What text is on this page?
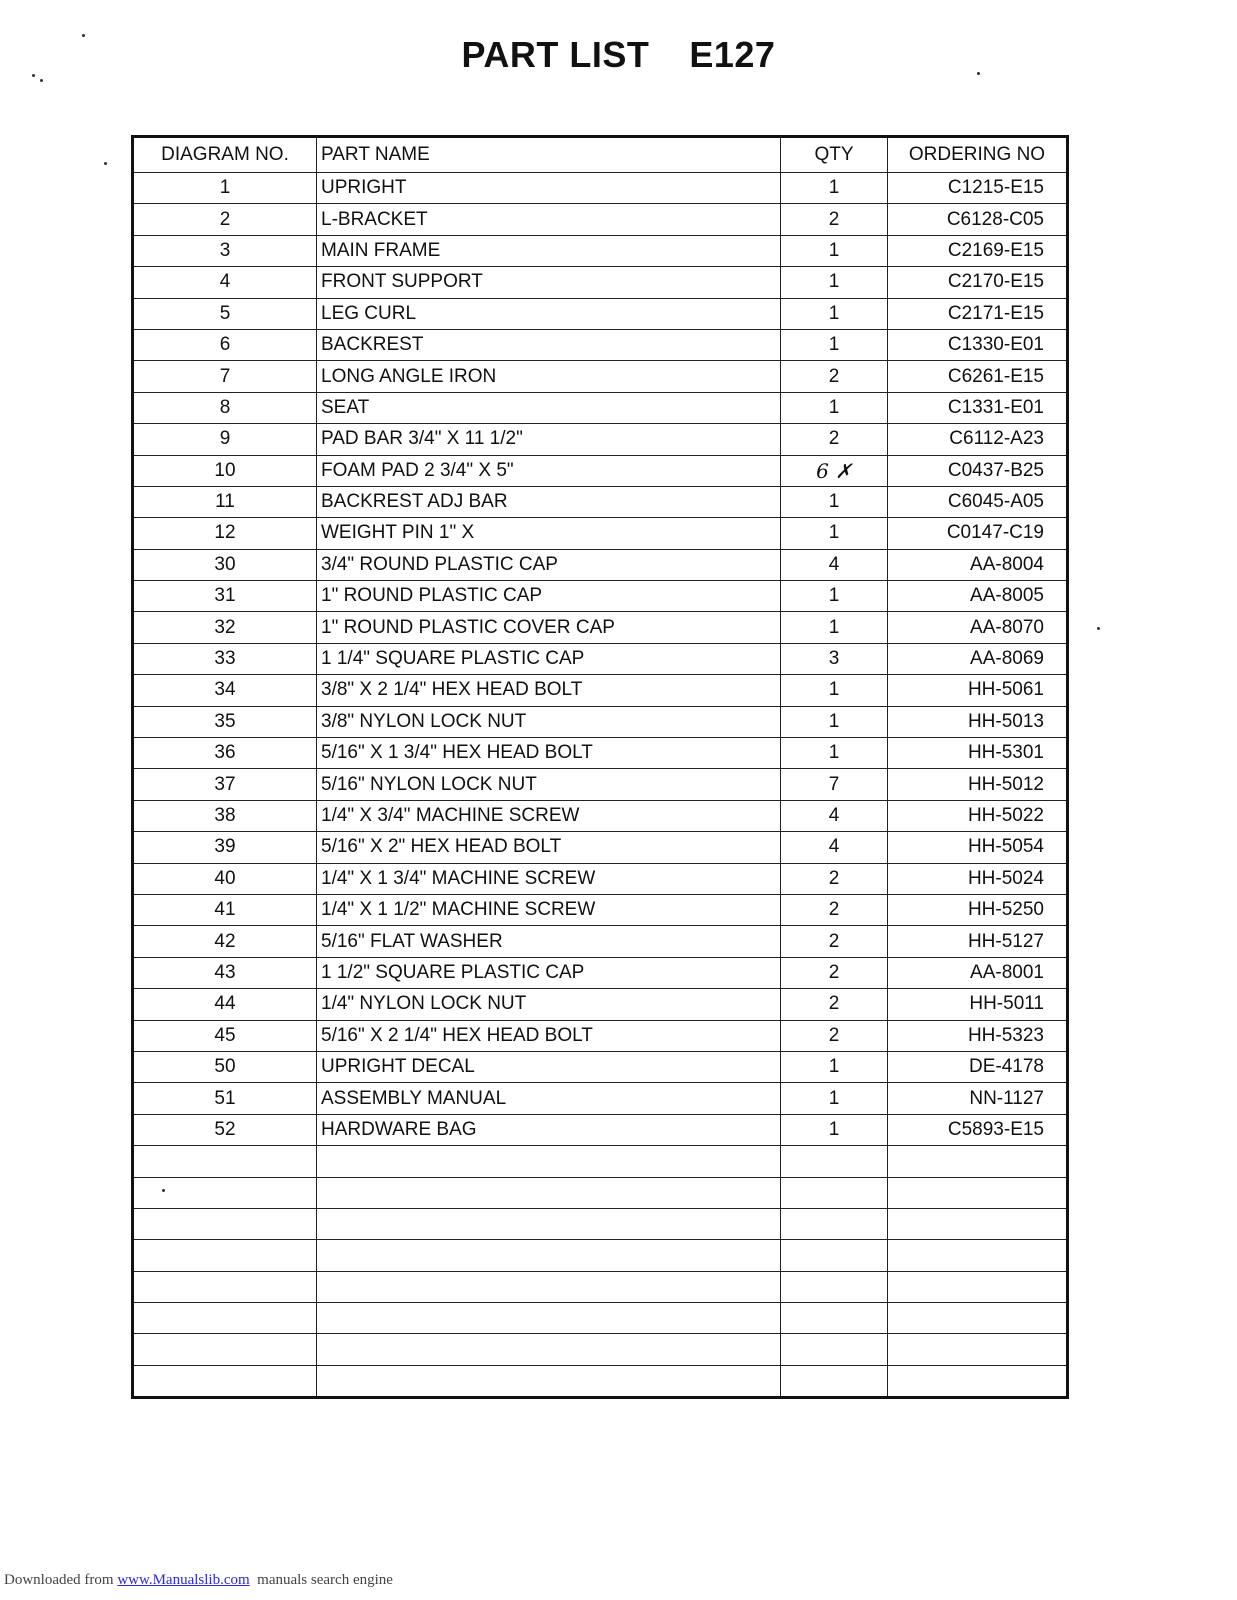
PART LIST E127
DIAGRAM NO.	PART NAME	QTY	ORDERING NO
1	UPRIGHT	1	C1215-E15
2	L-BRACKET	2	C6128-C05
3	MAIN FRAME	1	C2169-E15
4	FRONT SUPPORT	1	C2170-E15
5	LEG CURL	1	C2171-E15
6	BACKREST	1	C1330-E01
7	LONG ANGLE IRON	2	C6261-E15
8	SEAT	1	C1331-E01
9	PAD BAR 3/4" X 11 1/2"	2	C6112-A23
10	FOAM PAD 2 3/4" X 5"	6 ✗	C0437-B25
11	BACKREST ADJ BAR	1	C6045-A05
12	WEIGHT PIN 1" X	1	C0147-C19
30	3/4" ROUND PLASTIC CAP	4	AA-8004
31	1" ROUND PLASTIC CAP	1	AA-8005
32	1" ROUND PLASTIC COVER CAP	1	AA-8070
33	1 1/4" SQUARE PLASTIC CAP	3	AA-8069
34	3/8" X 2 1/4" HEX HEAD BOLT	1	HH-5061
35	3/8" NYLON LOCK NUT	1	HH-5013
36	5/16" X 1 3/4" HEX HEAD BOLT	1	HH-5301
37	5/16" NYLON LOCK NUT	7	HH-5012
38	1/4" X 3/4" MACHINE SCREW	4	HH-5022
39	5/16" X 2" HEX HEAD BOLT	4	HH-5054
40	1/4" X 1 3/4" MACHINE SCREW	2	HH-5024
41	1/4" X 1 1/2" MACHINE SCREW	2	HH-5250
42	5/16" FLAT WASHER	2	HH-5127
43	1 1/2" SQUARE PLASTIC CAP	2	AA-8001
44	1/4" NYLON LOCK NUT	2	HH-5011
45	5/16" X 2 1/4" HEX HEAD BOLT	2	HH-5323
50	UPRIGHT DECAL	1	DE-4178
51	ASSEMBLY MANUAL	1	NN-1127
52	HARDWARE BAG	1	C5893-E15

Downloaded from www.Manualslib.com  manuals search engine
